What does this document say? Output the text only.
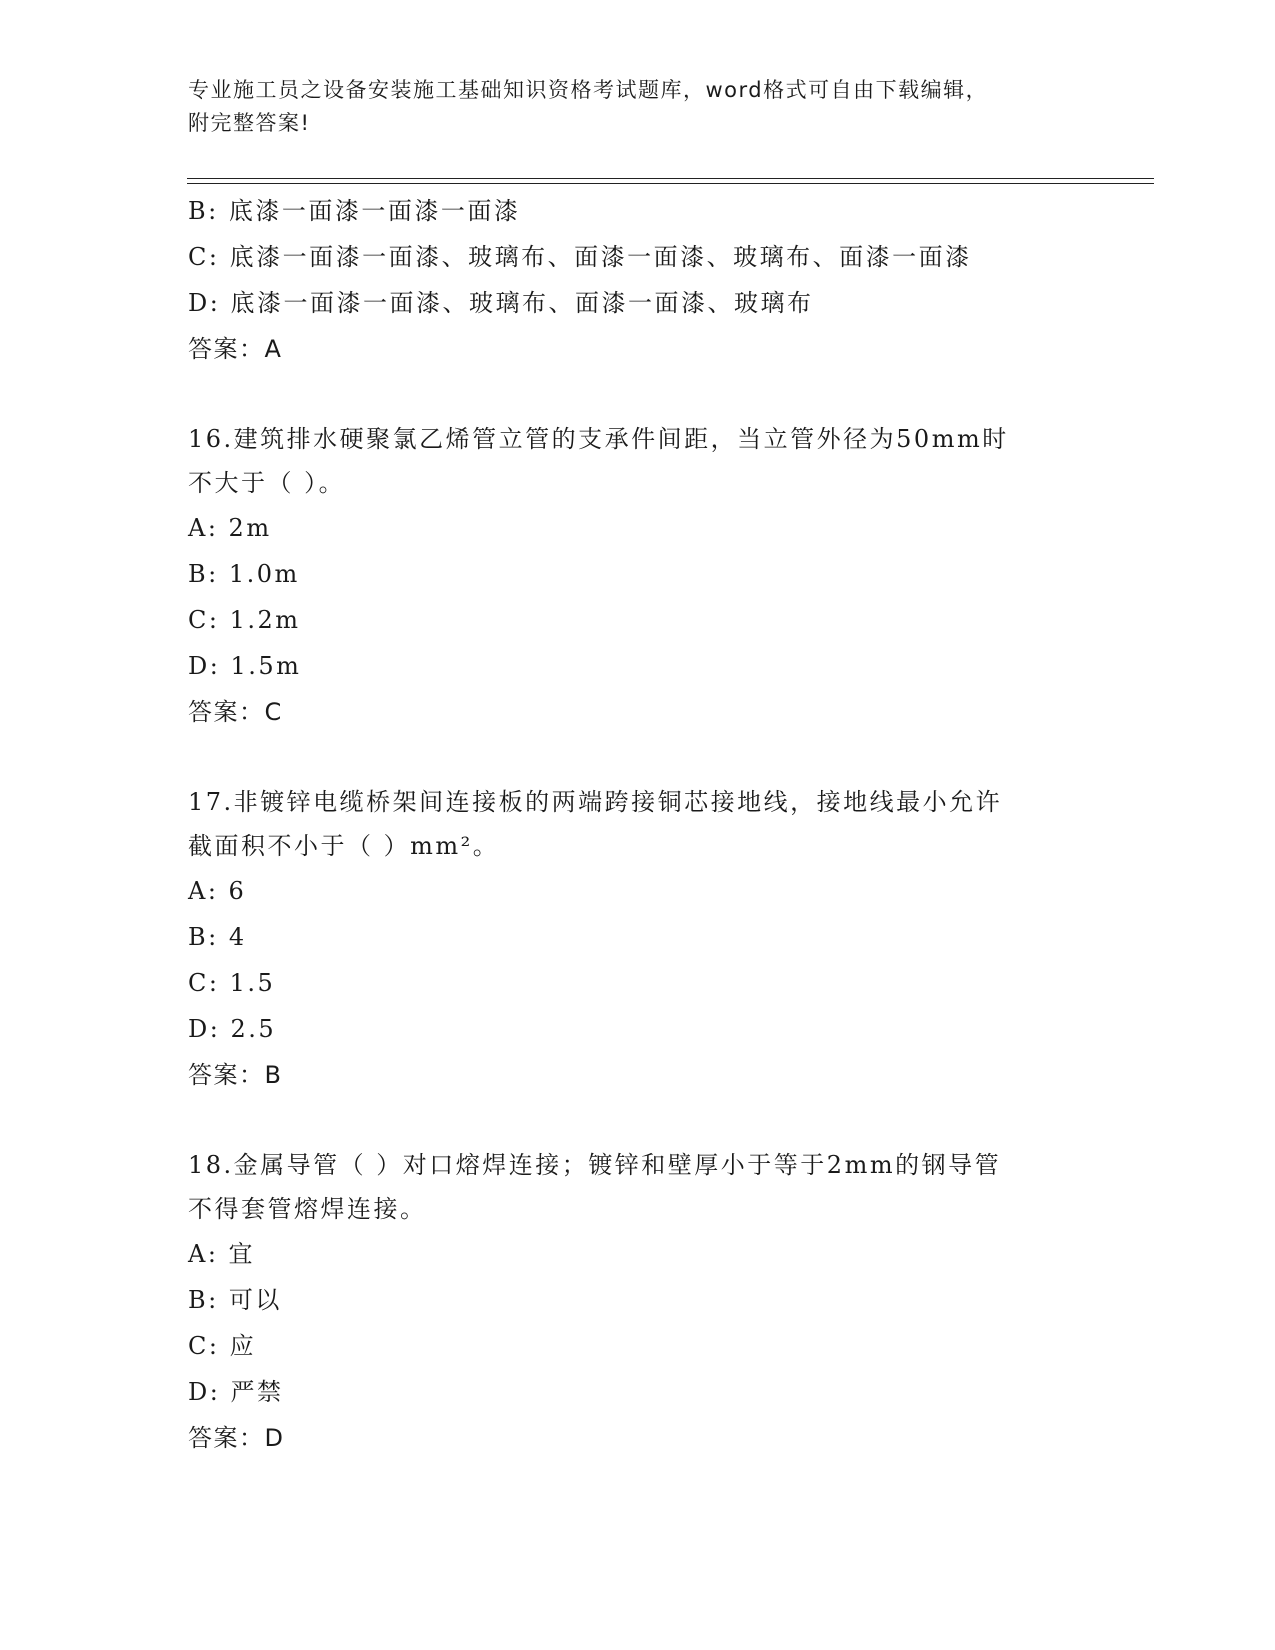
专业施工员之设备安装施工基础知识资格考试题库，word格式可自由下载编辑，
附完整答案!
B: 底漆一面漆一面漆一面漆
C: 底漆一面漆一面漆、玻璃布、面漆一面漆、玻璃布、面漆一面漆
D: 底漆一面漆一面漆、玻璃布、面漆一面漆、玻璃布
答案：A
16.建筑排水硬聚氯乙烯管立管的支承件间距，当立管外径为50mm时
不大于（ ）。
A: 2m
B: 1.0m
C: 1.2m
D: 1.5m
答案：C
17.非镀锌电缆桥架间连接板的两端跨接铜芯接地线，接地线最小允许
截面积不小于（ ）mm²。
A: 6
B: 4
C: 1.5
D: 2.5
答案：B
18.金属导管（ ）对口熔焊连接；镀锌和壁厚小于等于2mm的钢导管
不得套管熔焊连接。
A: 宜
B: 可以
C: 应
D: 严禁
答案：D
